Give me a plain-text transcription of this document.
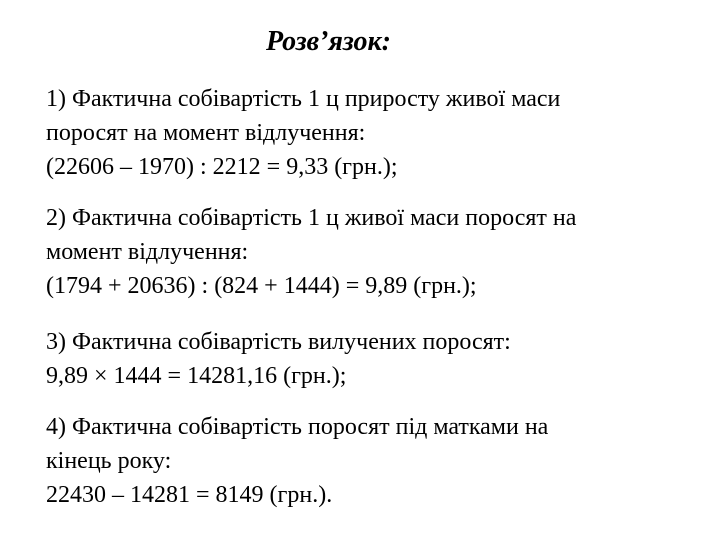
Розв’язок:
1) Фактична собівартість 1 ц приросту живої маси
поросят на момент відлучення:
(22606 – 1970) : 2212 = 9,33 (грн.);
2) Фактична собівартість 1 ц живої маси поросят на
момент відлучення:
(1794 + 20636) : (824 + 1444) = 9,89 (грн.);
3) Фактична собівартість вилучених поросят:
9,89 × 1444 = 14281,16 (грн.);
4) Фактична собівартість поросят під матками на
кінець року:
22430 – 14281 = 8149 (грн.).
